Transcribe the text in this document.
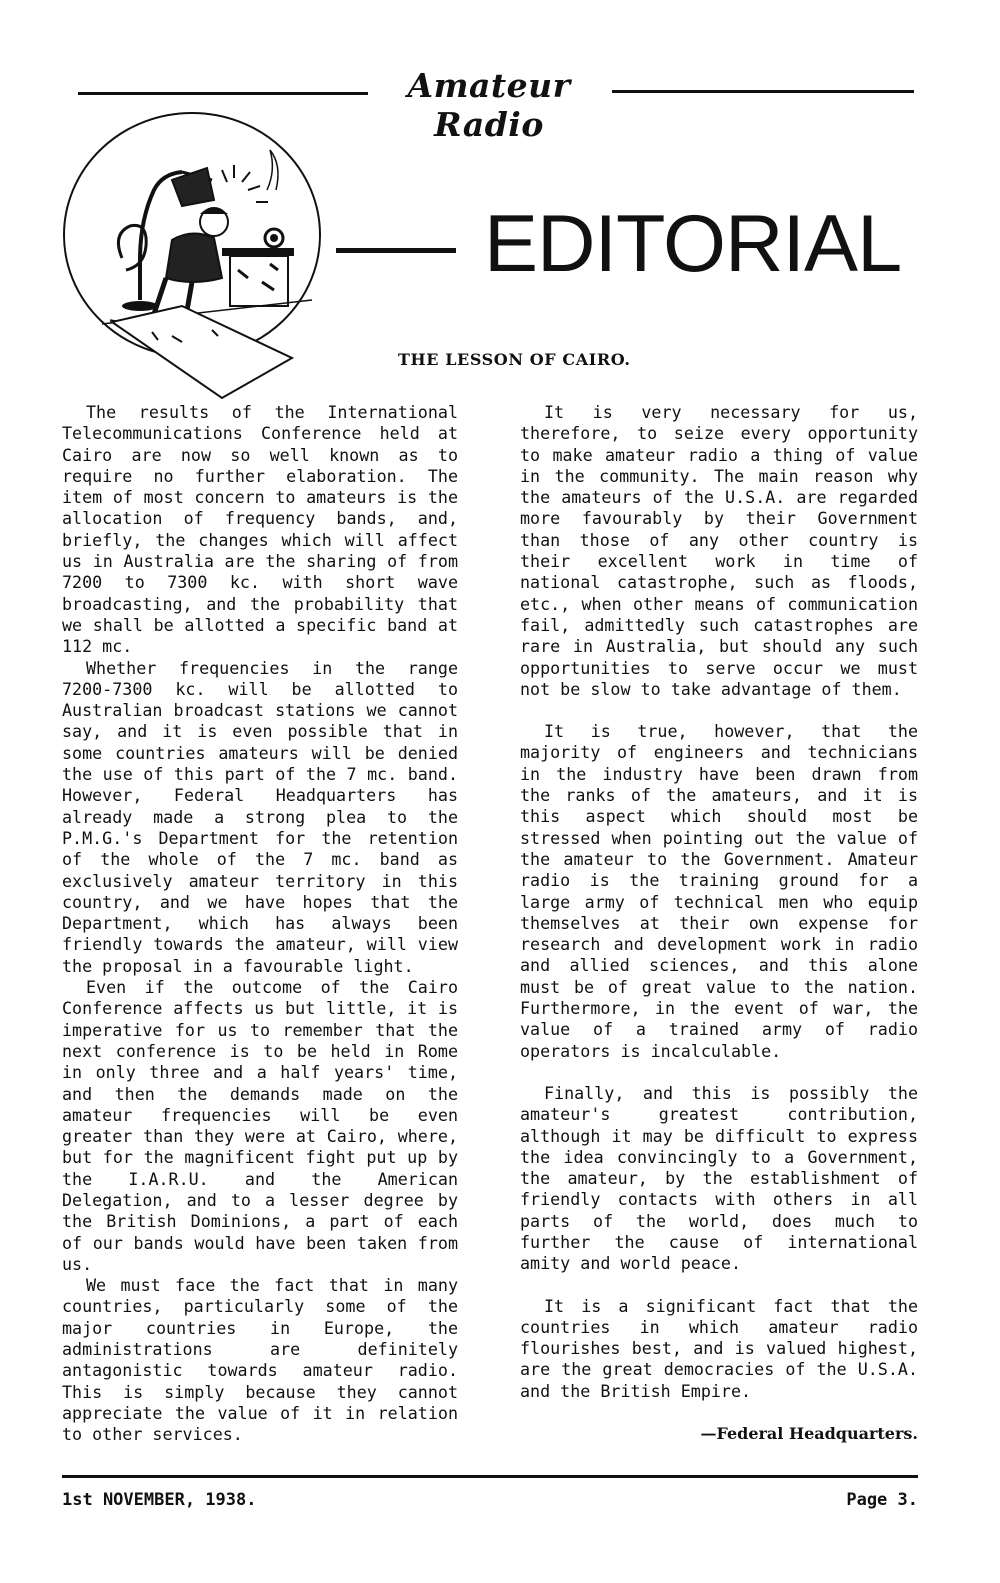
Amateur Radio
EDITORIAL
THE LESSON OF CAIRO.

The results of the International Telecommunications Conference held at Cairo are now so well known as to require no further elaboration. The item of most concern to amateurs is the allocation of frequency bands, and, briefly, the changes which will affect us in Australia are the sharing of from 7200 to 7300 kc. with short wave broadcasting, and the probability that we shall be allotted a specific band at 112 mc.

Whether frequencies in the range 7200-7300 kc. will be allotted to Australian broadcast stations we cannot say, and it is even possible that in some countries amateurs will be denied the use of this part of the 7 mc. band. However, Federal Headquarters has already made a strong plea to the P.M.G.'s Department for the retention of the whole of the 7 mc. band as exclusively amateur territory in this country, and we have hopes that the Department, which has always been friendly towards the amateur, will view the proposal in a favourable light.

Even if the outcome of the Cairo Conference affects us but little, it is imperative for us to remember that the next conference is to be held in Rome in only three and a half years' time, and then the demands made on the amateur frequencies will be even greater than they were at Cairo, where, but for the magnificent fight put up by the I.A.R.U. and the American Delegation, and to a lesser degree by the British Dominions, a part of each of our bands would have been taken from us.

We must face the fact that in many countries, particularly some of the major countries in Europe, the administrations are definitely antagonistic towards amateur radio. This is simply because they cannot appreciate the value of it in relation to other services.

It is very necessary for us, therefore, to seize every opportunity to make amateur radio a thing of value in the community. The main reason why the amateurs of the U.S.A. are regarded more favourably by their Government than those of any other country is their excellent work in time of national catastrophe, such as floods, etc., when other means of communication fail, admittedly such catastrophes are rare in Australia, but should any such opportunities to serve occur we must not be slow to take advantage of them.

It is true, however, that the majority of engineers and technicians in the industry have been drawn from the ranks of the amateurs, and it is this aspect which should most be stressed when pointing out the value of the amateur to the Government. Amateur radio is the training ground for a large army of technical men who equip themselves at their own expense for research and development work in radio and allied sciences, and this alone must be of great value to the nation. Furthermore, in the event of war, the value of a trained army of radio operators is incalculable.

Finally, and this is possibly the amateur's greatest contribution, although it may be difficult to express the idea convincingly to a Government, the amateur, by the establishment of friendly contacts with others in all parts of the world, does much to further the cause of international amity and world peace.

It is a significant fact that the countries in which amateur radio flourishes best, and is valued highest, are the great democracies of the U.S.A. and the British Empire.

—Federal Headquarters.

1st NOVEMBER, 1938.	Page 3.
